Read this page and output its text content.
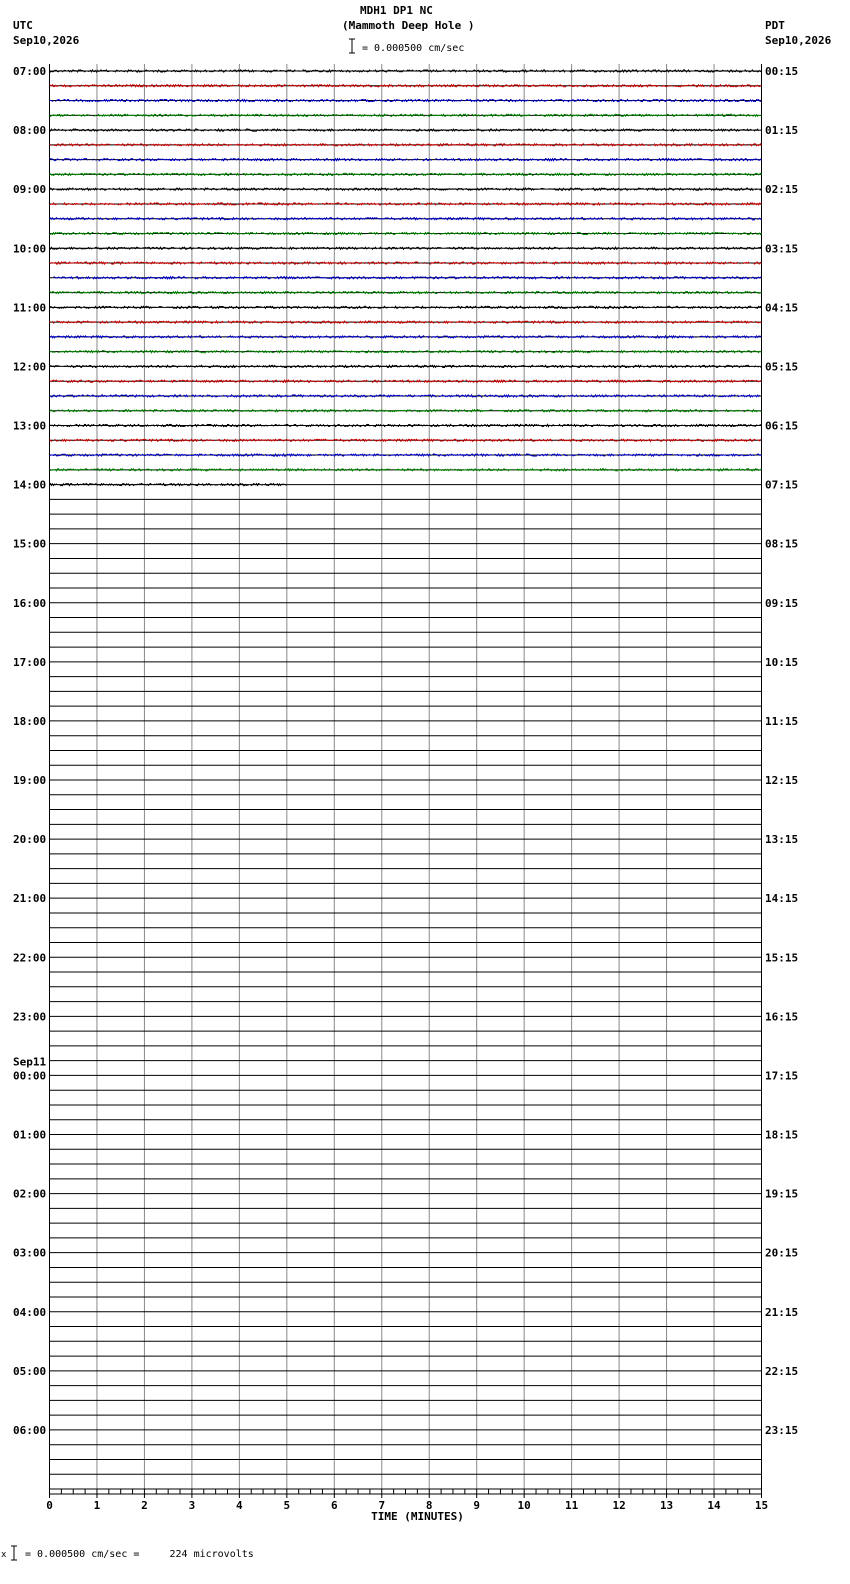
MDH1 DP1 NC
(Mammoth Deep Hole )
UTC
Sep10,2026
PDT
Sep10,2026
= 0.000500 cm/sec
07:00	00:15
08:00	01:15
09:00	02:15
10:00	03:15
11:00	04:15
12:00	05:15
13:00	06:15
14:00	07:15
15:00	08:15
16:00	09:15
17:00	10:15
18:00	11:15
19:00	12:15
20:00	13:15
21:00	14:15
22:00	15:15
23:00	16:15
00:00	17:15
Sep11
01:00	18:15
02:00	19:15
03:00	20:15
04:00	21:15
05:00	22:15
06:00	23:15
0	1	2	3	4	5	6	7	8	9	10	11	12	13	14	15
TIME (MINUTES)
x = 0.000500 cm/sec =     224 microvolts
